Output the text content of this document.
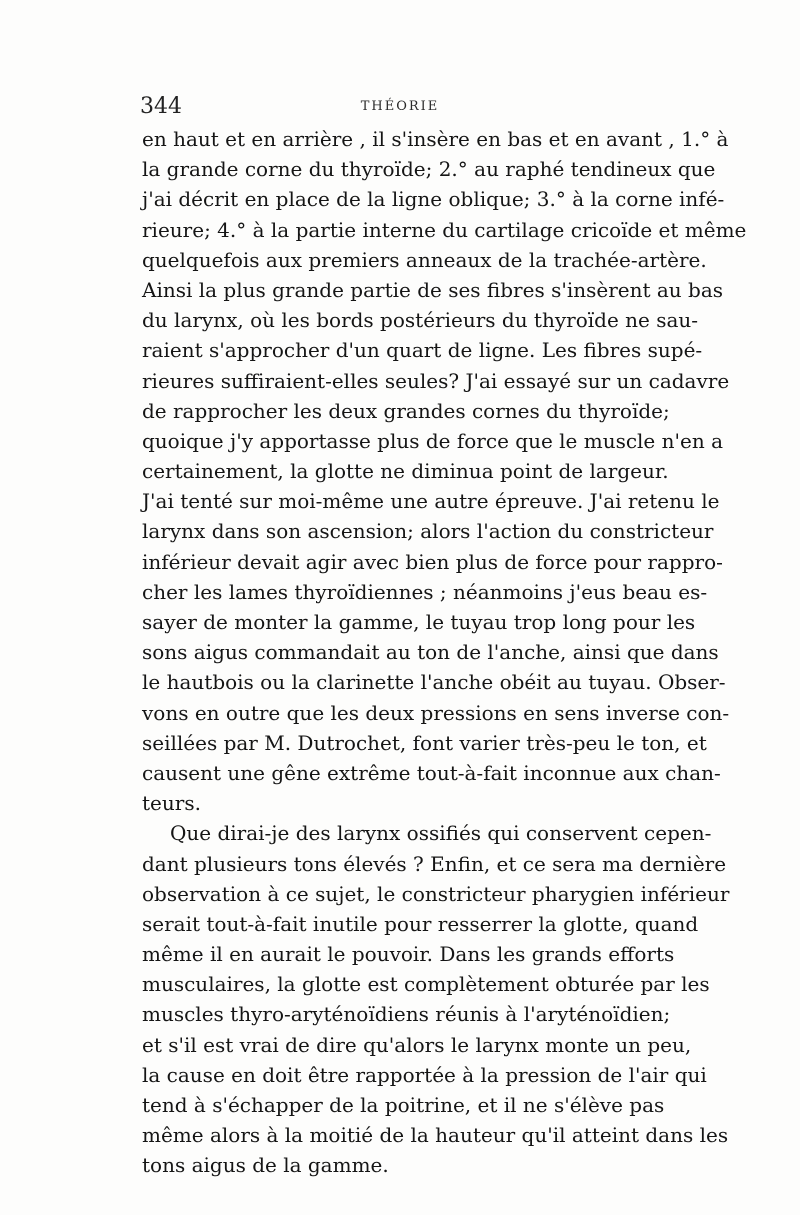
344	THÉORIE
en haut et en arrière , il s'insère en bas et en avant , 1.° à
la grande corne du thyroïde; 2.° au raphé tendineux que
j'ai décrit en place de la ligne oblique; 3.° à la corne infé-
rieure; 4.° à la partie interne du cartilage cricoïde et même
quelquefois aux premiers anneaux de la trachée-artère.
Ainsi la plus grande partie de ses fibres s'insèrent au bas
du larynx, où les bords postérieurs du thyroïde ne sau-
raient s'approcher d'un quart de ligne. Les fibres supé-
rieures suffiraient-elles seules? J'ai essayé sur un cadavre
de rapprocher les deux grandes cornes du thyroïde;
quoique j'y apportasse plus de force que le muscle n'en a
certainement, la glotte ne diminua point de largeur.
J'ai tenté sur moi-même une autre épreuve. J'ai retenu le
larynx dans son ascension; alors l'action du constricteur
inférieur devait agir avec bien plus de force pour rappro-
cher les lames thyroïdiennes ; néanmoins j'eus beau es-
sayer de monter la gamme, le tuyau trop long pour les
sons aigus commandait au ton de l'anche, ainsi que dans
le hautbois ou la clarinette l'anche obéit au tuyau. Obser-
vons en outre que les deux pressions en sens inverse con-
seillées par M. Dutrochet, font varier très-peu le ton, et
causent une gêne extrême tout-à-fait inconnue aux chan-
teurs.
Que dirai-je des larynx ossifiés qui conservent cepen-
dant plusieurs tons élevés ? Enfin, et ce sera ma dernière
observation à ce sujet, le constricteur pharygien inférieur
serait tout-à-fait inutile pour resserrer la glotte, quand
même il en aurait le pouvoir. Dans les grands efforts
musculaires, la glotte est complètement obturée par les
muscles thyro-aryténoïdiens réunis à l'aryténoïdien;
et s'il est vrai de dire qu'alors le larynx monte un peu,
la cause en doit être rapportée à la pression de l'air qui
tend à s'échapper de la poitrine, et il ne s'élève pas
même alors à la moitié de la hauteur qu'il atteint dans les
tons aigus de la gamme.
